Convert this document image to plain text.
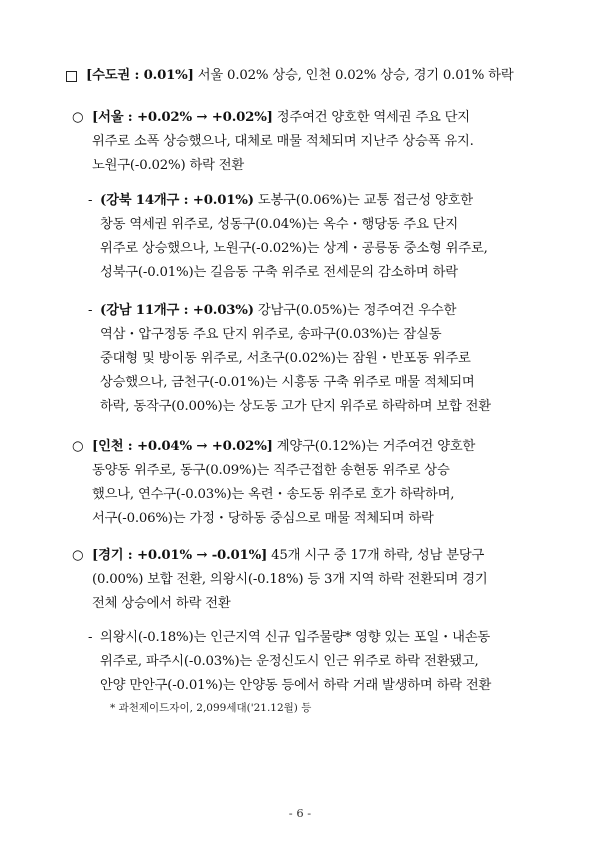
[수도권 : 0.01%] 서울 0.02% 상승, 인천 0.02% 상승, 경기 0.01% 하락
○ [서울 : +0.02% → +0.02%] 정주여건 양호한 역세권 주요 단지
위주로 소폭 상승했으나, 대체로 매물 적체되며 지난주 상승폭 유지.
노원구(-0.02%) 하락 전환
- (강북 14개구 : +0.01%) 도봉구(0.06%)는 교통 접근성 양호한
창동 역세권 위주로, 성동구(0.04%)는 옥수・행당동 주요 단지
위주로 상승했으나, 노원구(-0.02%)는 상계・공릉동 중소형 위주로,
성북구(-0.01%)는 길음동 구축 위주로 전세문의 감소하며 하락
- (강남 11개구 : +0.03%) 강남구(0.05%)는 정주여건 우수한
역삼・압구정동 주요 단지 위주로, 송파구(0.03%)는 잠실동
중대형 및 방이동 위주로, 서초구(0.02%)는 잠원・반포동 위주로
상승했으나, 금천구(-0.01%)는 시흥동 구축 위주로 매물 적체되며
하락, 동작구(0.00%)는 상도동 고가 단지 위주로 하락하며 보합 전환
○ [인천 : +0.04% → +0.02%] 계양구(0.12%)는 거주여건 양호한
동양동 위주로, 동구(0.09%)는 직주근접한 송현동 위주로 상승
했으나, 연수구(-0.03%)는 옥련・송도동 위주로 호가 하락하며,
서구(-0.06%)는 가정・당하동 중심으로 매물 적체되며 하락
○ [경기 : +0.01% → -0.01%] 45개 시구 중 17개 하락, 성남 분당구
(0.00%) 보합 전환, 의왕시(-0.18%) 등 3개 지역 하락 전환되며 경기
전체 상승에서 하락 전환
- 의왕시(-0.18%)는 인근지역 신규 입주물량* 영향 있는 포일・내손동
위주로, 파주시(-0.03%)는 운정신도시 인근 위주로 하락 전환됐고,
안양 만안구(-0.01%)는 안양동 등에서 하락 거래 발생하며 하락 전환
* 과천제이드자이, 2,099세대('21.12월) 등
- 6 -
